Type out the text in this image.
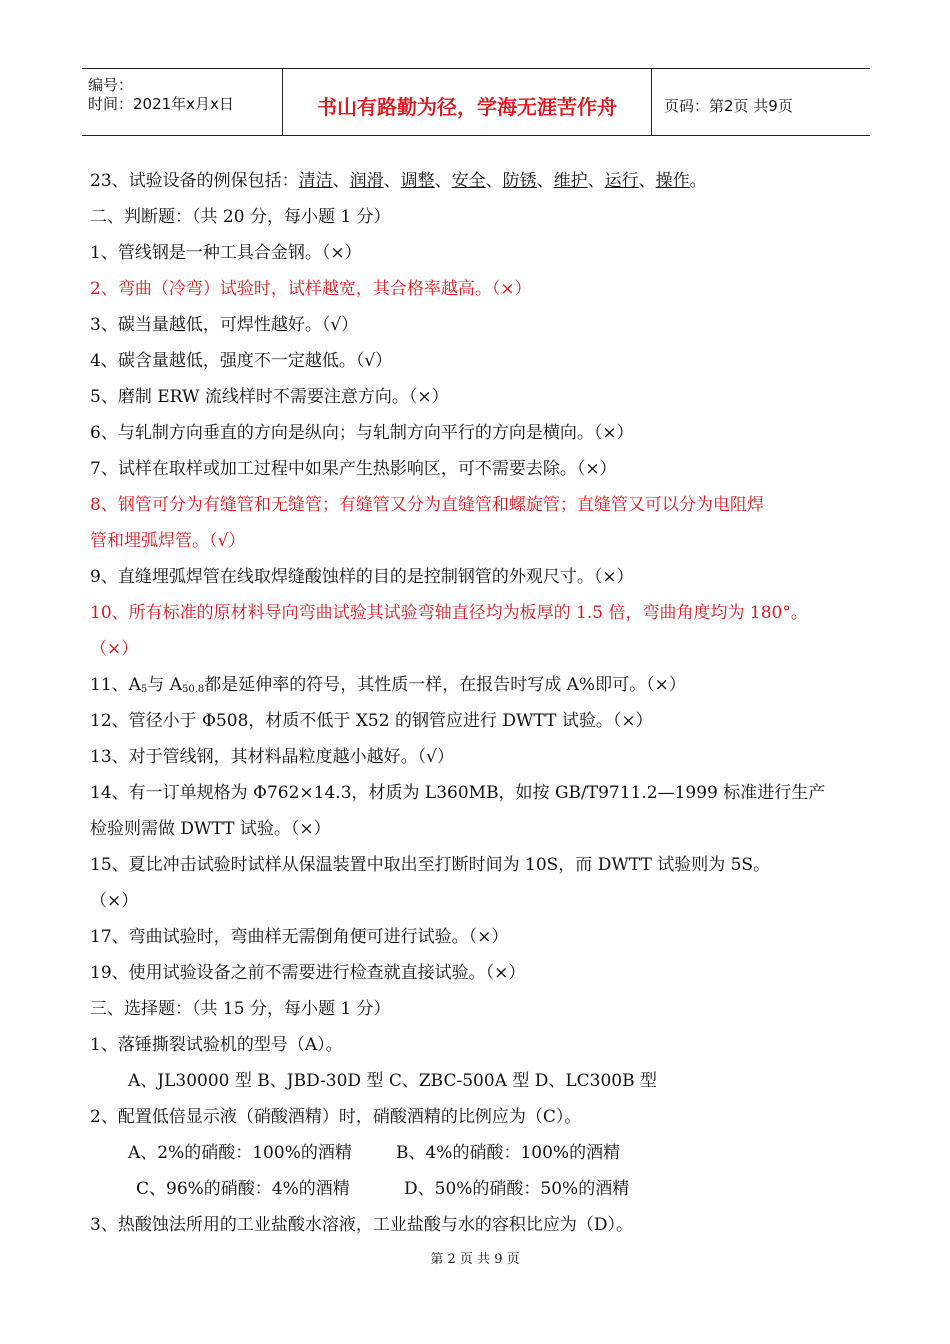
编号：
时间：2021年x月x日	书山有路勤为径，学海无涯苦作舟	页码：第2页 共9页
23、试验设备的例保包括：清洁、润滑、调整、安全、防锈、维护、运行、操作。
二、判断题：（共 20 分，每小题 1 分）
1、管线钢是一种工具合金钢。（×）
2、弯曲（冷弯）试验时，试样越宽，其合格率越高。（×）
3、碳当量越低，可焊性越好。（√）
4、碳含量越低，强度不一定越低。（√）
5、磨制 ERW 流线样时不需要注意方向。（×）
6、与轧制方向垂直的方向是纵向；与轧制方向平行的方向是横向。（×）
7、试样在取样或加工过程中如果产生热影响区，可不需要去除。（×）
8、钢管可分为有缝管和无缝管；有缝管又分为直缝管和螺旋管；直缝管又可以分为电阻焊
管和埋弧焊管。（√）
9、直缝埋弧焊管在线取焊缝酸蚀样的目的是控制钢管的外观尺寸。（×）
10、所有标准的原材料导向弯曲试验其试验弯轴直径均为板厚的 1.5 倍，弯曲角度均为 180°。
（×）
11、$A_5$与 $A_{50.8}$都是延伸率的符号，其性质一样，在报告时写成 A%即可。（×）
12、管径小于 Φ508，材质不低于 X52 的钢管应进行 DWTT 试验。（×）
13、对于管线钢，其材料晶粒度越小越好。（√）
14、有一订单规格为 Φ762×14.3，材质为 L360MB，如按 GB/T9711.2—1999 标准进行生产
检验则需做 DWTT 试验。（×）
15、夏比冲击试验时试样从保温装置中取出至打断时间为 10S，而 DWTT 试验则为 5S。
（×）
17、弯曲试验时，弯曲样无需倒角便可进行试验。（×）
19、使用试验设备之前不需要进行检查就直接试验。（×）
三、选择题：（共 15 分，每小题 1 分）
1、落锤撕裂试验机的型号（A）。
A、JL30000 型 B、JBD-30D 型 C、ZBC-500A 型 D、LC300B 型
2、配置低倍显示液（硝酸酒精）时，硝酸酒精的比例应为（C）。
A、2%的硝酸：100%的酒精	B、4%的硝酸：100%的酒精
C、96%的硝酸：4%的酒精	D、50%的硝酸：50%的酒精
3、热酸蚀法所用的工业盐酸水溶液，工业盐酸与水的容积比应为（D）。
第 2 页 共 9 页
